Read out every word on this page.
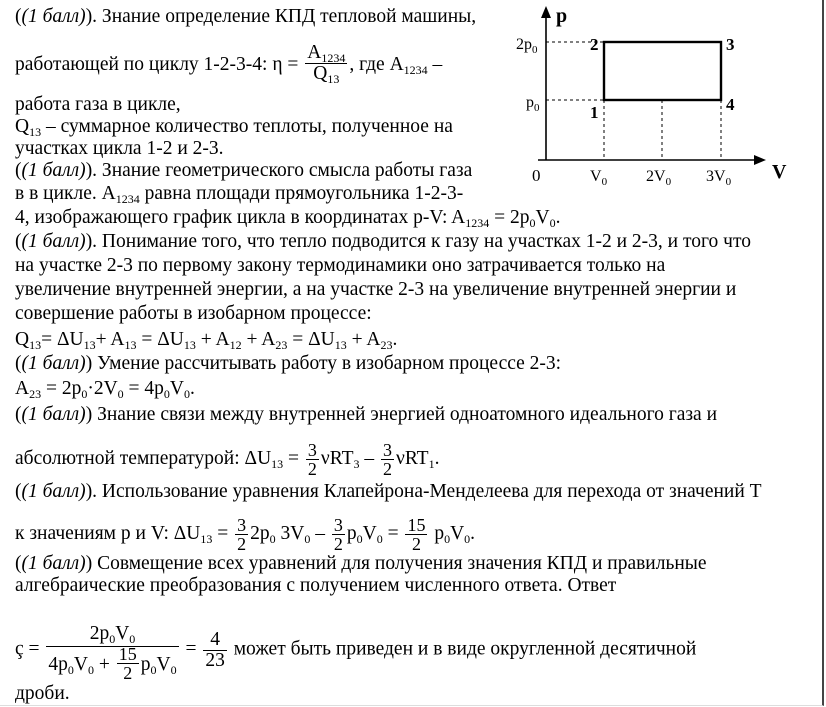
((1 балл)). Знание определение КПД тепловой машины,
работающей по циклу 1-2-3-4: $\eta = \frac{A_{1234}}{Q_{13}}$ , где $A_{1234}$ –
работа газа в цикле,
$Q_{13}$ – суммарное количество теплоты, полученное на
участках цикла 1-2 и 2-3.
((1 балл)). Знание геометрического смысла работы газа
в в цикле. $A_{1234}$ равна площади прямоугольника 1-2-3-
4, изображающего график цикла в координатах p-V: $A_{1234} = 2p_0V_0$.
((1 балл)). Понимание того, что тепло подводится к газу на участках 1-2 и 2-3, и того что
на участке 2-3 по первому закону термодинамики оно затрачивается только на
увеличение внутренней энергии, а на участке 2-3 на увеличение внутренней энергии и
совершение работы в изобарном процессе:
$Q_{13}= \Delta U_{13}+ A_{13} = \Delta U_{13} + A_{12} + A_{23} = \Delta U_{13} + A_{23}$.
((1 балл)) Умение рассчитывать работу в изобарном процессе 2-3:
$A_{23} = 2p_0\cdot 2V_0 = 4p_0V_0$.
((1 балл)) Знание связи между внутренней энергией одноатомного идеального газа и
абсолютной температурой: $\Delta U_{13} = \frac{3}{2} \nu RT_3 - \frac{3}{2} \nu RT_1$.
((1 балл)). Использование уравнения Клапейрона-Менделеева для перехода от значений T
к значениям p и V: $\Delta U_{13} = \frac{3}{2} 2p_0$ $3V_0 - \frac{3}{2} p_0V_0 = \frac{15}{2} p_0V_0$.
((1 балл)) Совмещение всех уравнений для получения значения КПД и правильные
алгебраические преобразования с получением численного ответа. Ответ
ç = $\frac{2p_0V_0}{4p_0V_0 + \frac{15}{2} p_0V_0} = \frac{4}{23}$ может быть приведен и в виде округленной десятичной
дроби.
p
V
0
$2p_0$
$p_0$
$V_0$ $2V_0$ $3V_0$
1
2	3
4
